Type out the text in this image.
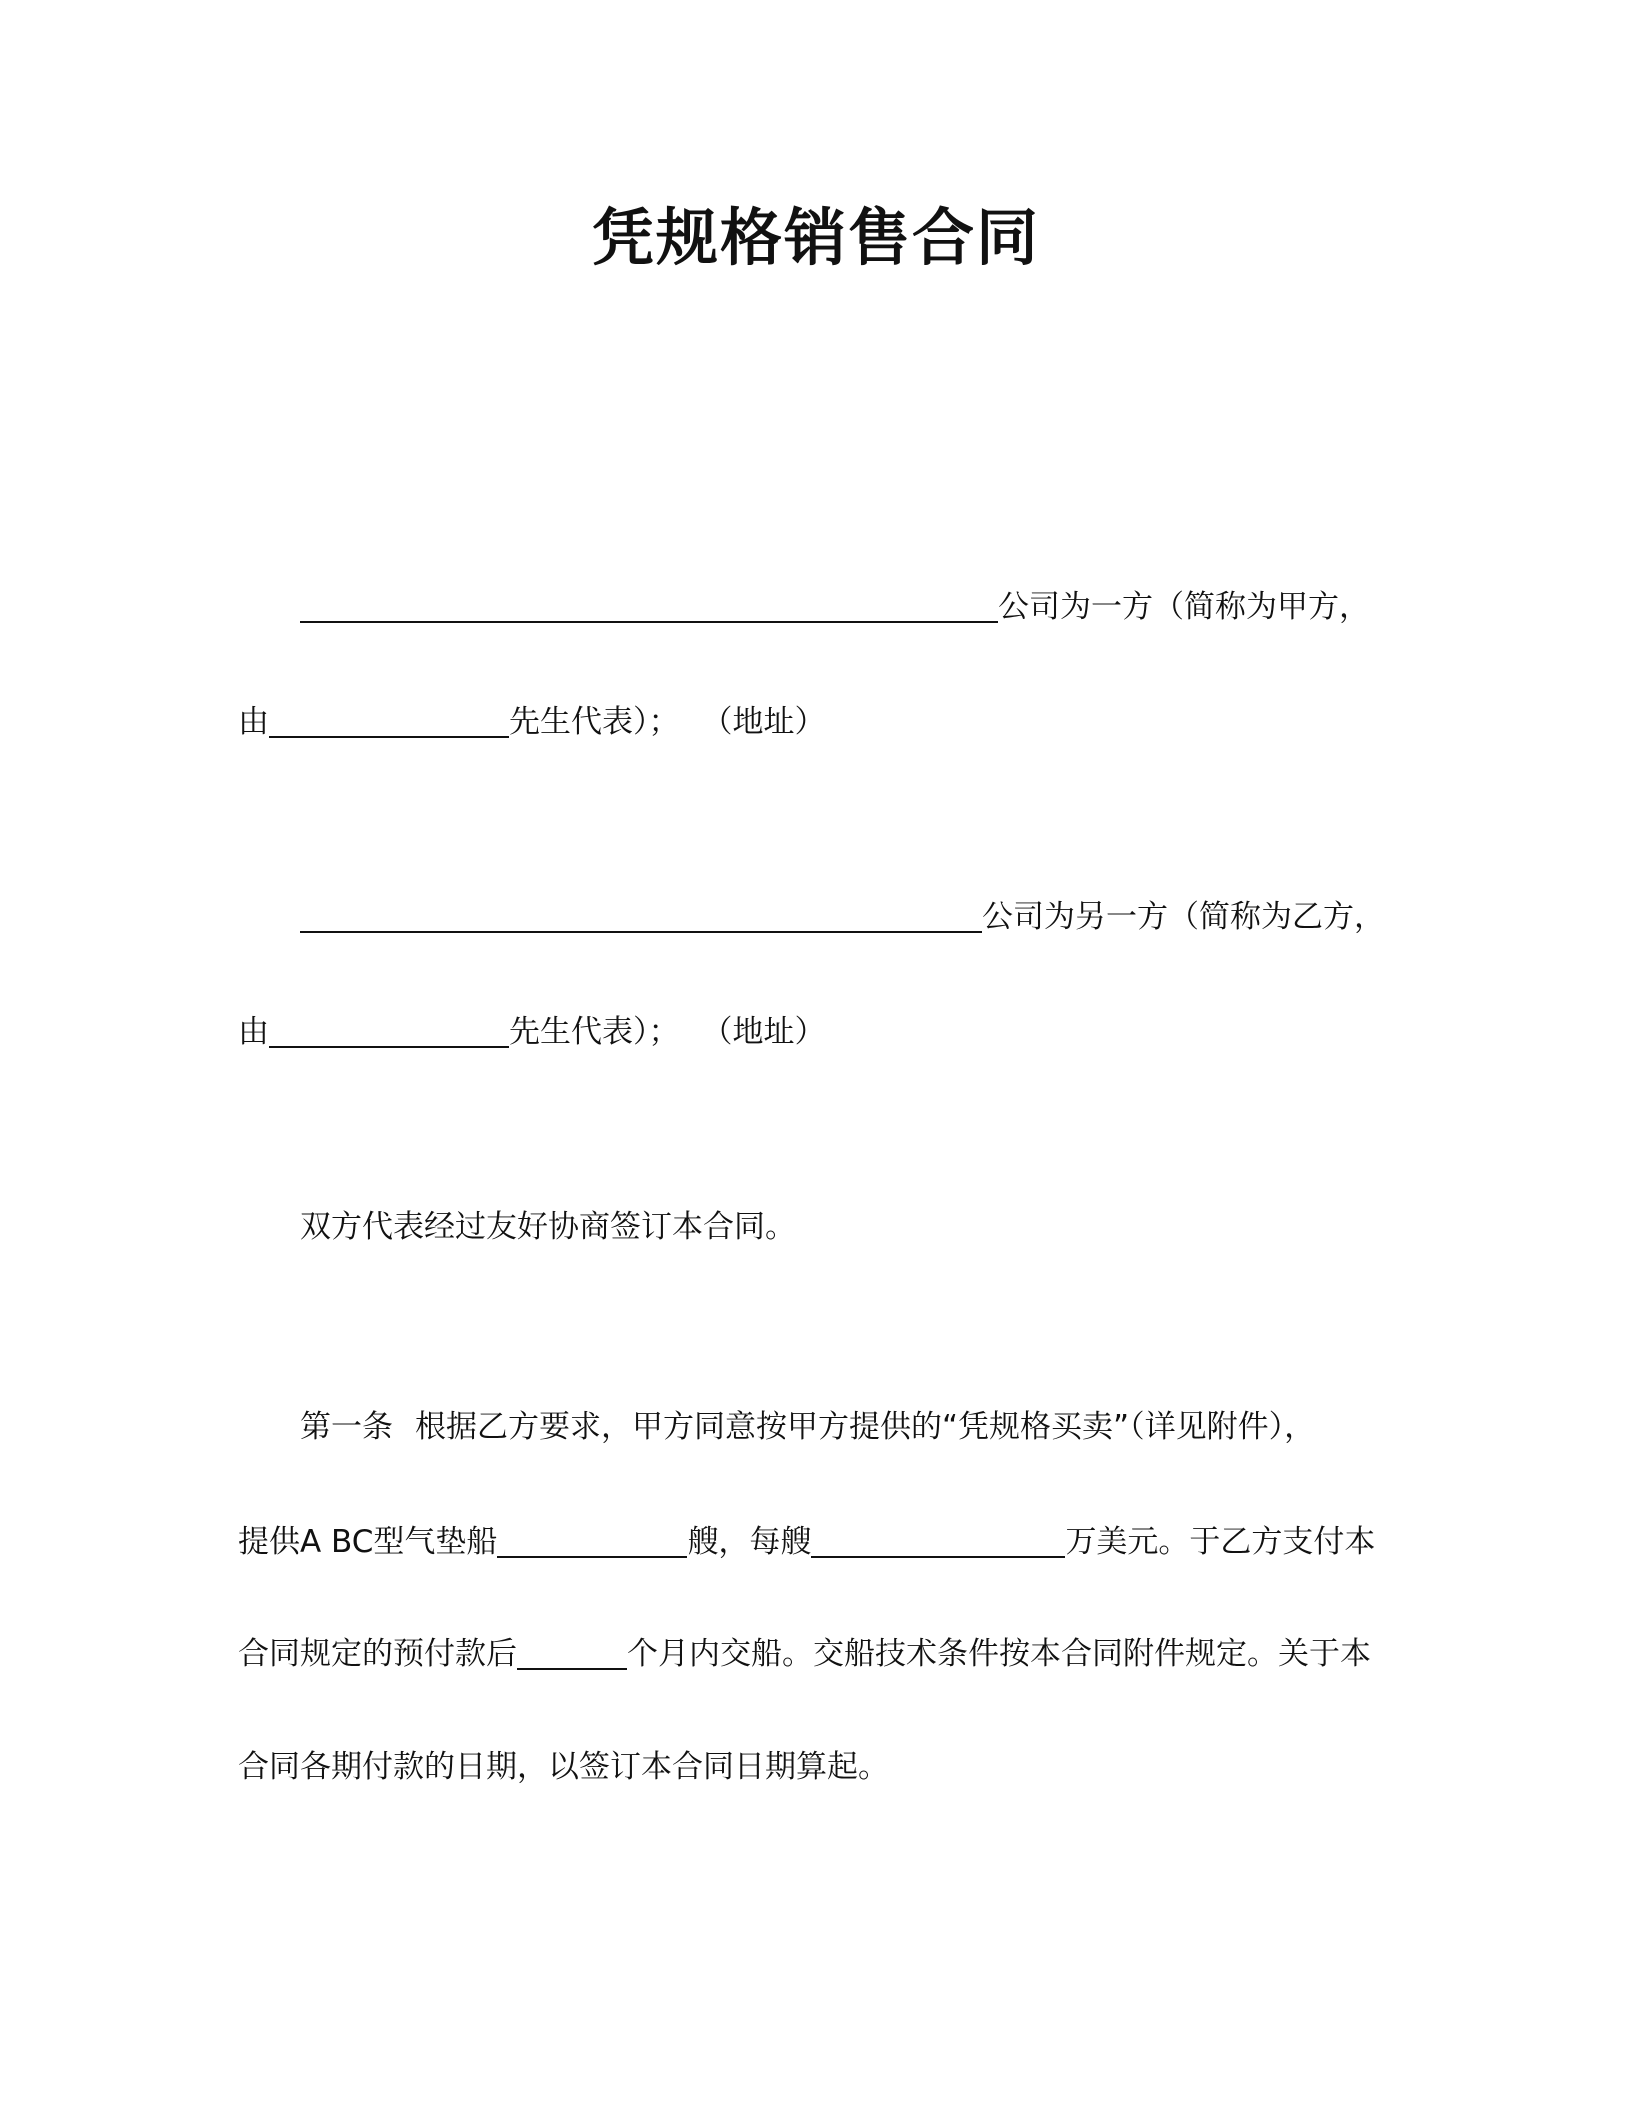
凭规格销售合同
公司为一方（简称为甲方，
由	先生代表）； （地址）
公司为另一方（简称为乙方，
由	先生代表）； （地址）
双方代表经过友好协商签订本合同。
第一条 根据乙方要求，甲方同意按甲方提供的“凭规格买卖”（详见附件），
提供A BC型气垫船	艘，每艘	万美元。于乙方支付本
合同规定的预付款后	个月内交船。交船技术条件按本合同附件规定。关于本
合同各期付款的日期，以签订本合同日期算起。
